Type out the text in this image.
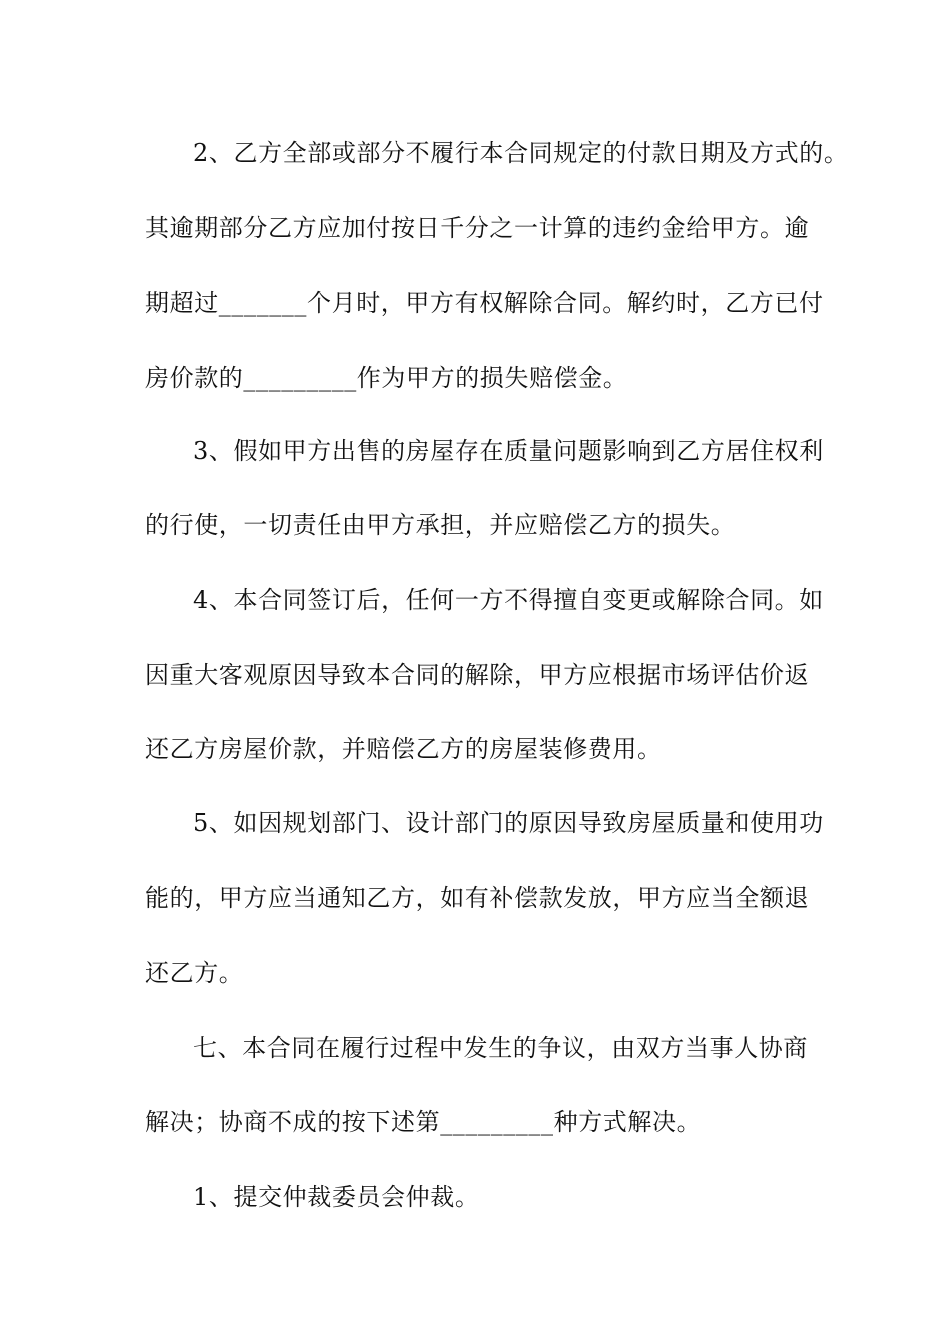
2、乙方全部或部分不履行本合同规定的付款日期及方式的。
其逾期部分乙方应加付按日千分之一计算的违约金给甲方。逾
期超过_______个月时，甲方有权解除合同。解约时，乙方已付
房价款的_________作为甲方的损失赔偿金。
3、假如甲方出售的房屋存在质量问题影响到乙方居住权利
的行使，一切责任由甲方承担，并应赔偿乙方的损失。
4、本合同签订后，任何一方不得擅自变更或解除合同。如
因重大客观原因导致本合同的解除，甲方应根据市场评估价返
还乙方房屋价款，并赔偿乙方的房屋装修费用。
5、如因规划部门、设计部门的原因导致房屋质量和使用功
能的，甲方应当通知乙方，如有补偿款发放，甲方应当全额退
还乙方。
七、本合同在履行过程中发生的争议，由双方当事人协商
解决；协商不成的按下述第_________种方式解决。
1、提交仲裁委员会仲裁。
